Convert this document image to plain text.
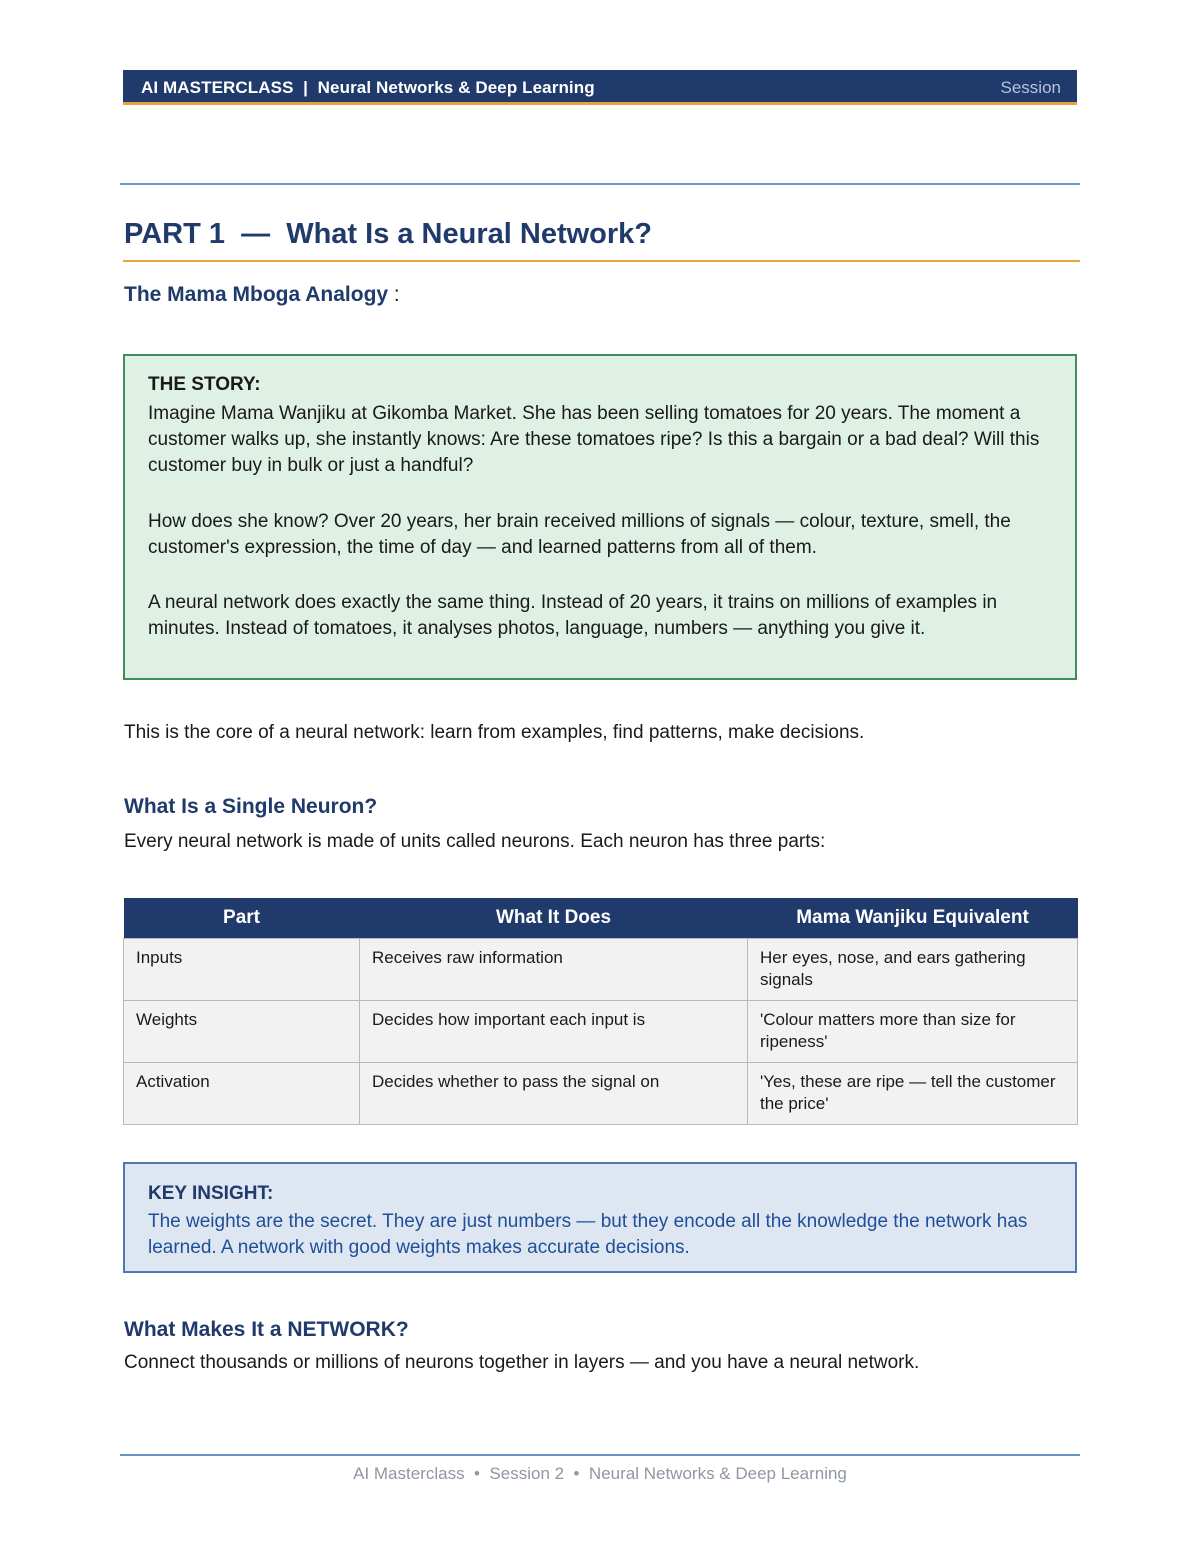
AI MASTERCLASS  |  Neural Networks & Deep Learning	Session
PART 1  —  What Is a Neural Network?
The Mama Mboga Analogy :
THE STORY:
Imagine Mama Wanjiku at Gikomba Market. She has been selling tomatoes for 20 years. The moment a customer walks up, she instantly knows: Are these tomatoes ripe? Is this a bargain or a bad deal? Will this customer buy in bulk or just a handful?
How does she know? Over 20 years, her brain received millions of signals — colour, texture, smell, the customer's expression, the time of day — and learned patterns from all of them.
A neural network does exactly the same thing. Instead of 20 years, it trains on millions of examples in minutes. Instead of tomatoes, it analyses photos, language, numbers — anything you give it.
This is the core of a neural network: learn from examples, find patterns, make decisions.
What Is a Single Neuron?
Every neural network is made of units called neurons. Each neuron has three parts:
Part	What It Does	Mama Wanjiku Equivalent
Inputs	Receives raw information	Her eyes, nose, and ears gathering signals
Weights	Decides how important each input is	'Colour matters more than size for ripeness'
Activation	Decides whether to pass the signal on	'Yes, these are ripe — tell the customer the price'
KEY INSIGHT:
The weights are the secret. They are just numbers — but they encode all the knowledge the network has learned. A network with good weights makes accurate decisions.
What Makes It a NETWORK?
Connect thousands or millions of neurons together in layers — and you have a neural network.
AI Masterclass  •  Session 2  •  Neural Networks & Deep Learning
